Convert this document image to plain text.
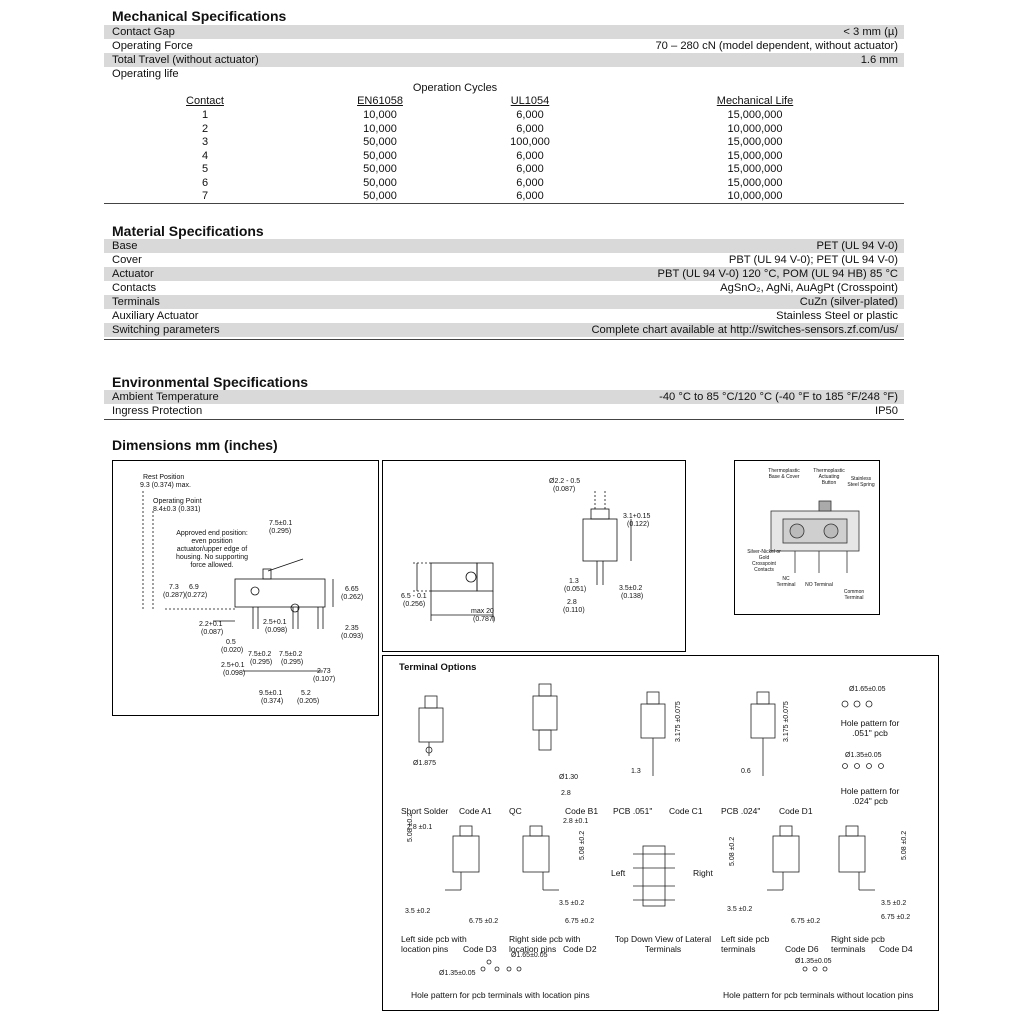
Mechanical Specifications
Contact Gap	< 3 mm (µ)
Operating Force	70 – 280 cN (model dependent, without actuator)
Total Travel (without actuator)	1.6 mm
Operating life
Operation Cycles
Contact	EN61058	UL1054	Mechanical Life
1	10,000	6,000	15,000,000
2	10,000	6,000	10,000,000
3	50,000	100,000	15,000,000
4	50,000	6,000	15,000,000
5	50,000	6,000	15,000,000
6	50,000	6,000	15,000,000
7	50,000	6,000	10,000,000
Material Specifications
Base	PET (UL 94 V-0)
Cover	PBT (UL 94 V-0); PET (UL 94 V-0)
Actuator	PBT (UL 94 V-0) 120 °C, POM (UL 94 HB) 85 °C
Contacts	AgSnO₂, AgNi, AuAgPt (Crosspoint)
Terminals	CuZn (silver-plated)
Auxiliary Actuator	Stainless Steel or plastic
Switching parameters	Complete chart available at http://switches-sensors.zf.com/us/
Environmental Specifications
Ambient Temperature	-40 °C to 85 °C/120 °C (-40 °F to 185 °F/248 °F)
Ingress Protection	IP50
Dimensions mm (inches)
Rest Position
9.3 (0.374) max.
Operating Point
8.4±0.3 (0.331)
Approved end position: even position actuator/upper edge of housing. No supporting force allowed.
7.5±0.1
(0.295)
7.3
(0.287)
6.9
(0.272)
6.65
(0.262)
2.2+0.1
(0.087)
2.5+0.1
(0.098)	2.35
(0.093)
0.5
(0.020)
7.5±0.2 7.5±0.2
(0.295) (0.295)
2.5+0.1
(0.098)	2.73
(0.107)
9.5±0.1
(0.374)
5.2
(0.205)
Ø2.2 - 0.5
(0.087)
3.1+0.15
(0.122)
6.5 - 0.1
(0.256)
1.3
(0.051)	3.5±0.2
(0.138)
2.8
(0.110)
max 20
(0.787)
Thermoplastic Base & Cover
Thermoplastic Actuating Button
Stainless Steel Spring
Silver-Nickel or Gold Crosspoint Contacts
NC Terminal	NO Terminal
Common Terminal
Terminal Options
Short Solder Code A1 QC	Code B1 PCB .051" Code C1 PCB .024" Code D1
Left side pcb with location pins	Code D3
Right side pcb with location pins Code D2
Top Down View of Lateral Terminals
Left side pcb terminals	Code D6
Right side pcb terminals	Code D4
Left	Right
Ø1.65±0.05
Hole pattern for .051" pcb
Ø1.35±0.05
Hole pattern for .024" pcb
Hole pattern for pcb terminals with location pins	Hole pattern for pcb terminals without location pins
Ø1.65±0.05
Ø1.35±0.05
Ø1.35±0.05
Ø1.875
Ø1.30
2.8
1.3	0.6
2.8 ±0.1
2.8 ±0.1
3.5 ±0.2
6.75 ±0.2
3.5 ±0.2
6.75 ±0.2
3.5 ±0.2
6.75 ±0.2
3.5 ±0.2
6.75 ±0.2
5.08 ±0.2
5.08 ±0.2	5.08 ±0.2	5.08 ±0.2
3.175 ±0.075	3.175 ±0.075
